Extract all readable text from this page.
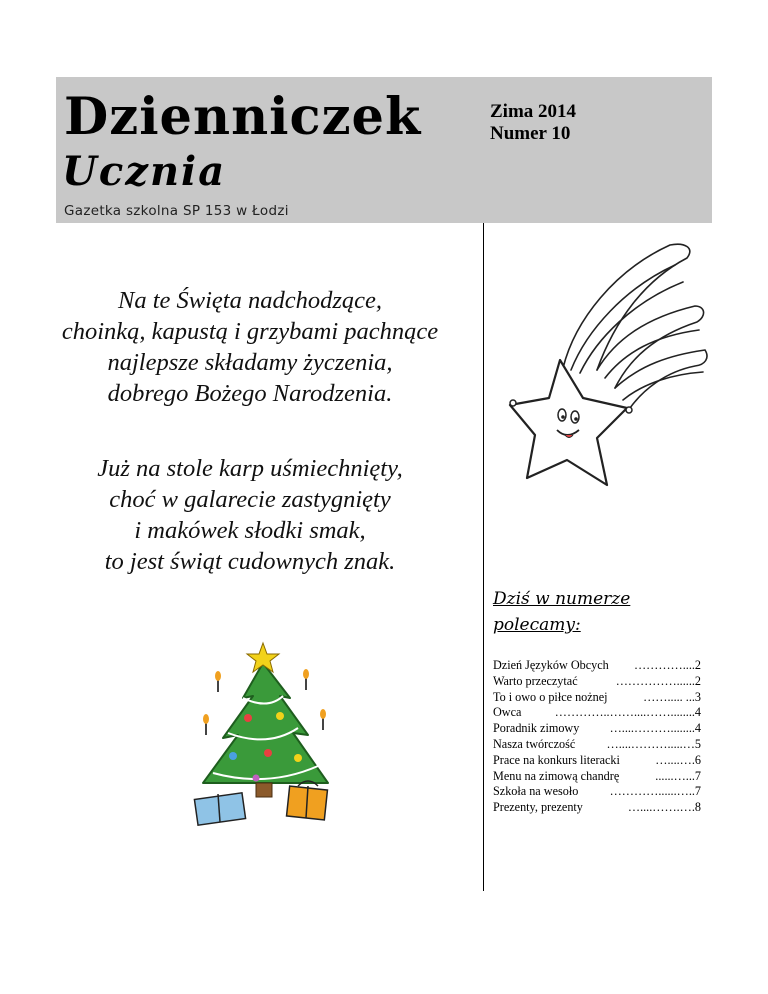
Dzienniczek
Ucznia
Gazetka szkolna SP 153 w Łodzi
Zima 2014
Numer 10
Na te Święta nadchodzące,
choinką, kapustą i grzybami pachnące
najlepsze składamy życzenia,
dobrego Bożego Narodzenia.
Już na stole karp uśmiechnięty,
choć w galarecie zastygnięty
i makówek słodki smak,
to jest świąt cudownych znak.
Dziś w numerze
polecamy:
Dzień Języków Obcych	…………....2
Warto przeczytać	……………......2
To i owo o piłce nożnej	……..... ...3
Owca	…………..……....……........4
Poradnik zimowy	…....………........4
Nasza twórczość	…....……….....…5
Prace na konkurs literacki	…....….6
Menu na zimową chandrę	......…...7
Szkoła na wesoło	…………......…..7
Prezenty, prezenty	…....…….….8
